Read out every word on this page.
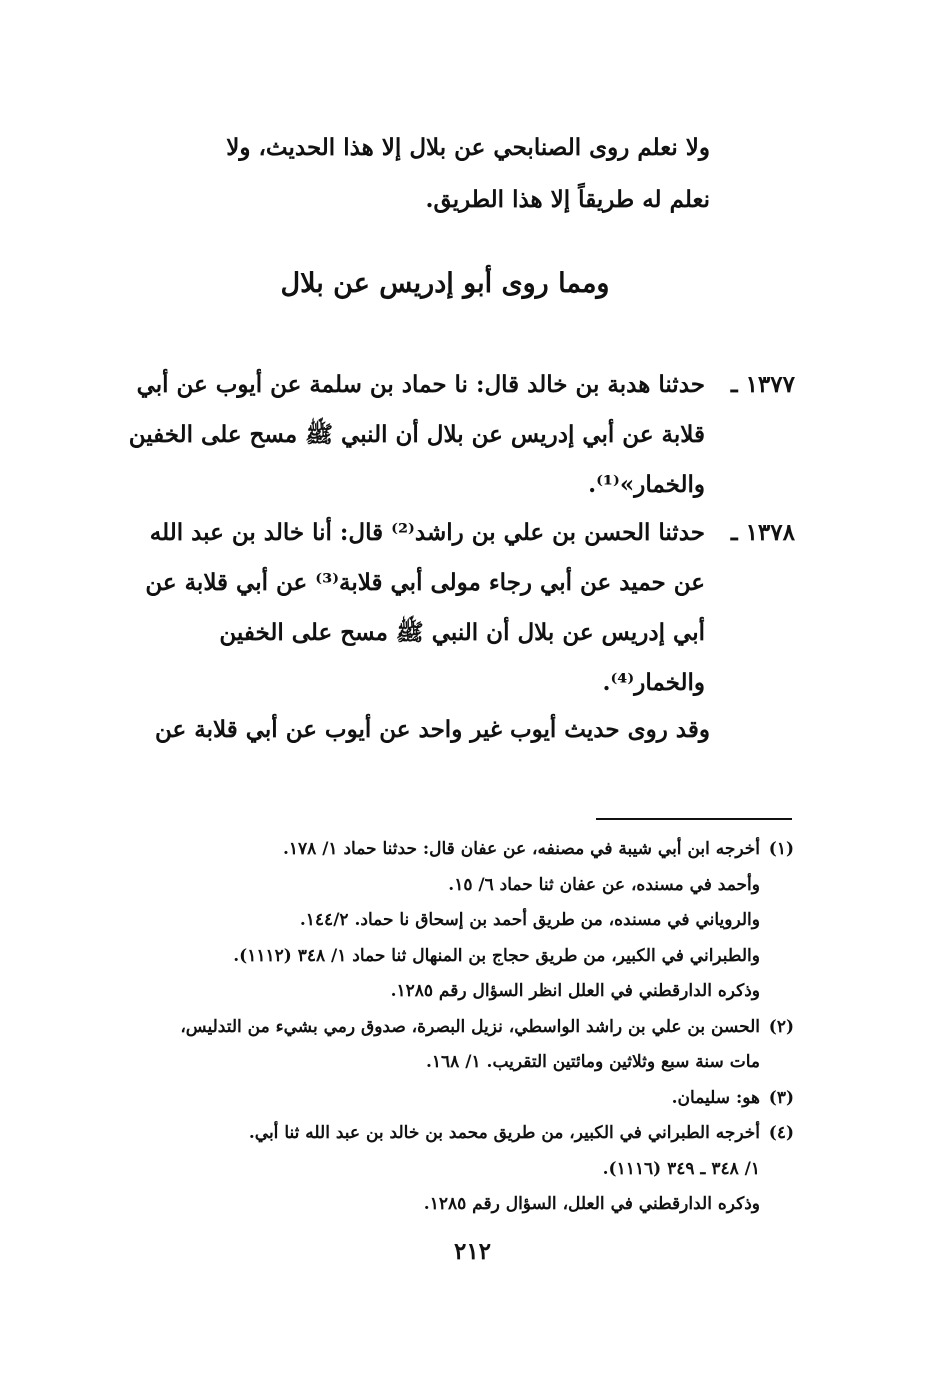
ولا نعلم روى الصنابحي عن بلال إلا هذا الحديث، ولا
نعلم له طريقاً إلا هذا الطريق.
ومما روى أبو إدريس عن بلال
١٣٧٧ ـ
حدثنا هدبة بن خالد قال: نا حماد بن سلمة عن أيوب عن أبي
قلابة عن أبي إدريس عن بلال أن النبي ﷺ مسح على الخفين
والخمار»⁽¹⁾.
١٣٧٨ ـ
حدثنا الحسن بن علي بن راشد⁽²⁾ قال: أنا خالد بن عبد الله
عن حميد عن أبي رجاء مولى أبي قلابة⁽³⁾ عن أبي قلابة عن
أبي إدريس عن بلال أن النبي ﷺ مسح على الخفين
والخمار⁽⁴⁾.
وقد روى حديث أيوب غير واحد عن أيوب عن أبي قلابة عن
(١)
أخرجه ابن أبي شيبة في مصنفه، عن عفان قال: حدثنا حماد ١/ ١٧٨.
وأحمد في مسنده، عن عفان ثنا حماد ٦/ ١٥.
والروياني في مسنده، من طريق أحمد بن إسحاق نا حماد. ١٤٤/٢.
والطبراني في الكبير، من طريق حجاج بن المنهال ثنا حماد ١/ ٣٤٨ (١١١٢).
وذكره الدارقطني في العلل انظر السؤال رقم ١٢٨٥.
(٢)
الحسن بن علي بن راشد الواسطي، نزيل البصرة، صدوق رمي بشيء من التدليس،
مات سنة سبع وثلاثين ومائتين التقريب. ١/ ١٦٨.
(٣)
هو: سليمان.
(٤)
أخرجه الطبراني في الكبير، من طريق محمد بن خالد بن عبد الله ثنا أبي.
١/ ٣٤٨ ـ ٣٤٩ (١١١٦).
وذكره الدارقطني في العلل، السؤال رقم ١٢٨٥.
٢١٢
